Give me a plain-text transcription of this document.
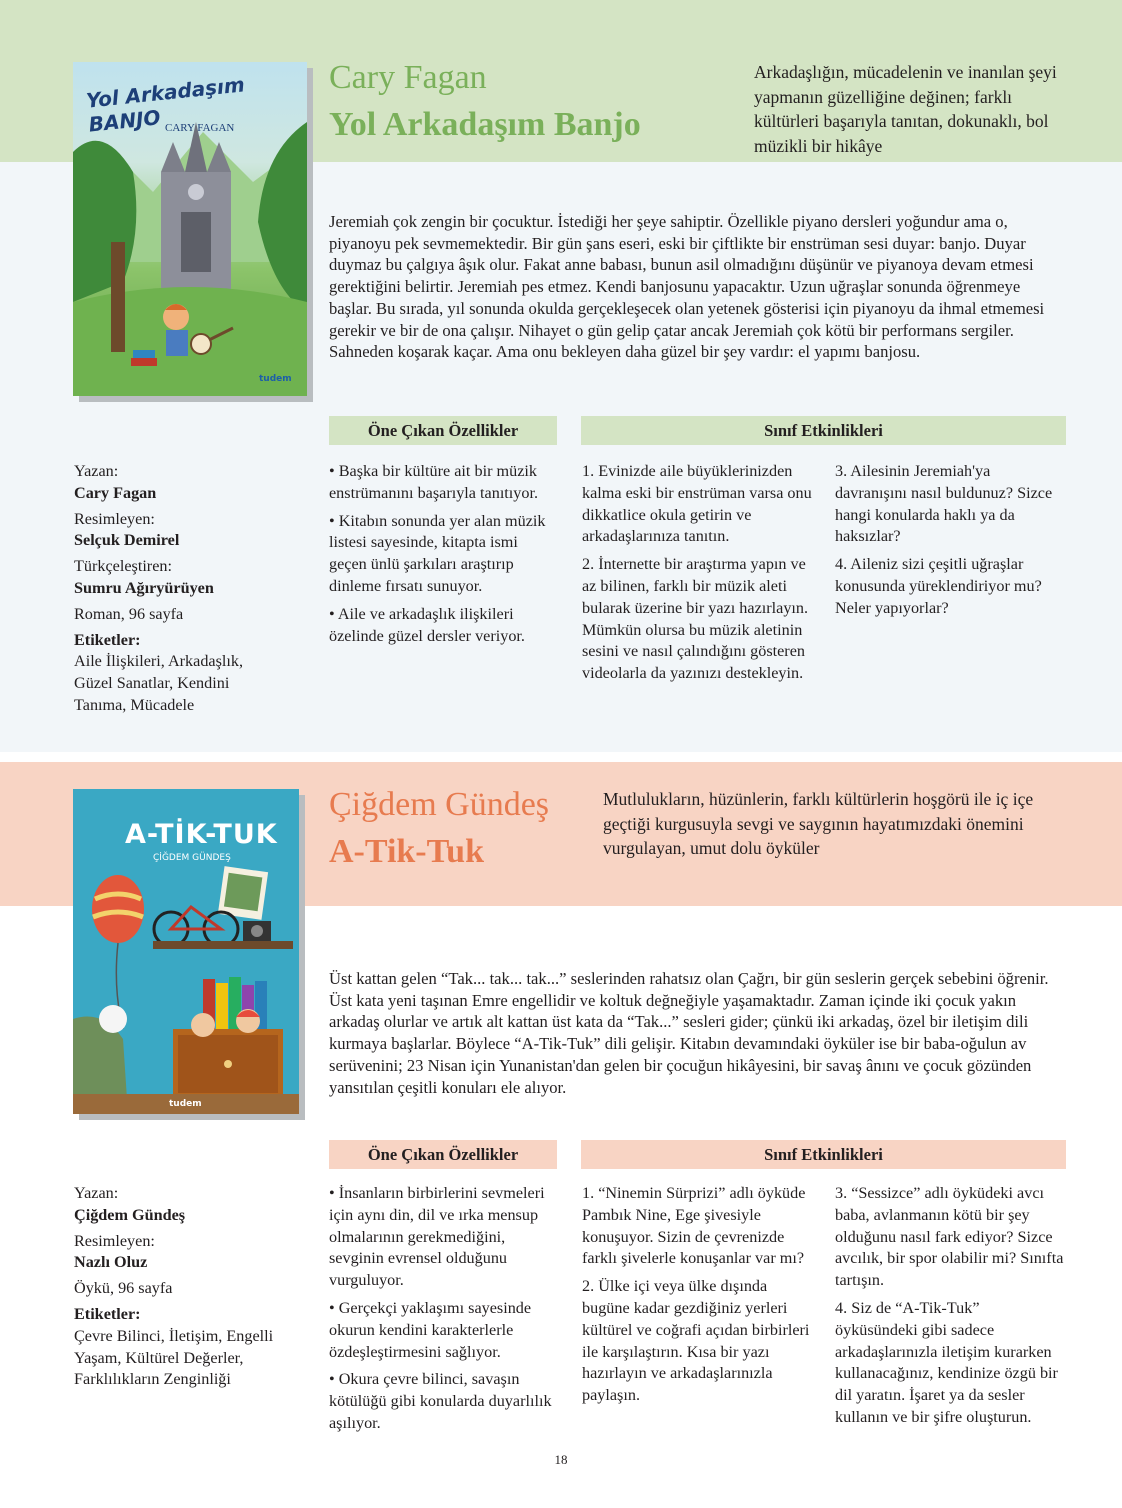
Yol Arkadaşım BANJO CARY FAGAN
tudem
Cary Fagan
Yol Arkadaşım Banjo
Arkadaşlığın, mücadelenin ve inanılan şeyi yapmanın güzelliğine değinen; farklı kültürleri başarıyla tanıtan, dokunaklı, bol müzikli bir hikâye
Jeremiah çok zengin bir çocuktur. İstediği her şeye sahiptir. Özellikle piyano dersleri yoğundur ama o, piyanoyu pek sevmemektedir. Bir gün şans eseri, eski bir çiftlikte bir enstrüman sesi duyar: banjo. Duyar duymaz bu çalgıya âşık olur. Fakat anne babası, bunun asil olmadığını düşünür ve piyanoya devam etmesi gerektiğini belirtir. Jeremiah pes etmez. Kendi banjosunu yapacaktır. Uzun uğraşlar sonunda öğrenmeye başlar. Bu sırada, yıl sonunda okulda gerçekleşecek olan yetenek gösterisi için piyanoyu da ihmal etmemesi gerekir ve bir de ona çalışır. Nihayet o gün gelip çatar ancak Jeremiah çok kötü bir performans sergiler. Sahneden koşarak kaçar. Ama onu bekleyen daha güzel bir şey vardır: el yapımı banjosu.
Öne Çıkan Özellikler	Sınıf Etkinlikleri
Yazan:
Cary Fagan
Resimleyen:
Selçuk Demirel
Türkçeleştiren:
Sumru Ağıryürüyen
Roman, 96 sayfa
Etiketler:
Aile İlişkileri, Arkadaşlık, Güzel Sanatlar, Kendini Tanıma, Mücadele

• Başka bir kültüre ait bir müzik enstrümanını başarıyla tanıtıyor.

• Kitabın sonunda yer alan müzik listesi sayesinde, kitapta ismi geçen ünlü şarkıları araştırıp dinleme fırsatı sunuyor.

• Aile ve arkadaşlık ilişkileri özelinde güzel dersler veriyor.

1. Evinizde aile büyüklerinizden kalma eski bir enstrüman varsa onu dikkatlice okula getirin ve arkadaşlarınıza tanıtın.

2. İnternette bir araştırma yapın ve az bilinen, farklı bir müzik aleti bularak üzerine bir yazı hazırlayın. Mümkün olursa bu müzik aletinin sesini ve nasıl çalındığını gösteren videolarla da yazınızı destekleyin.

3. Ailesinin Jeremiah'ya davranışını nasıl buldunuz? Sizce hangi konularda haklı ya da haksızlar?

4. Aileniz sizi çeşitli uğraşlar konusunda yüreklendiriyor mu? Neler yapıyorlar?

A-TİK-TUK
ÇİĞDEM GÜNDEŞ
tudem
Çiğdem Gündeş
A-Tik-Tuk
Mutlulukların, hüzünlerin, farklı kültürlerin hoşgörü ile iç içe geçtiği kurgusuyla sevgi ve saygının hayatımızdaki önemini vurgulayan, umut dolu öyküler
Üst kattan gelen “Tak... tak... tak...” seslerinden rahatsız olan Çağrı, bir gün seslerin gerçek sebebini öğrenir. Üst kata yeni taşınan Emre engellidir ve koltuk değneğiyle yaşamaktadır. Zaman içinde iki çocuk yakın arkadaş olurlar ve artık alt kattan üst kata da “Tak...” sesleri gider; çünkü iki arkadaş, özel bir iletişim dili kurmaya başlarlar. Böylece “A-Tik-Tuk” dili gelişir. Kitabın devamındaki öyküler ise bir baba-oğulun av serüvenini; 23 Nisan için Yunanistan'dan gelen bir çocuğun hikâyesini, bir savaş ânını ve çocuk gözünden yansıtılan çeşitli konuları ele alıyor.
Öne Çıkan Özellikler	Sınıf Etkinlikleri
Yazan:
Çiğdem Gündeş
Resimleyen:
Nazlı Oluz
Öykü, 96 sayfa
Etiketler:
Çevre Bilinci, İletişim, Engelli Yaşam, Kültürel Değerler, Farklılıkların Zenginliği

• İnsanların birbirlerini sevmeleri için aynı din, dil ve ırka mensup olmalarının gerekmediğini, sevginin evrensel olduğunu vurguluyor.

• Gerçekçi yaklaşımı sayesinde okurun kendini karakterlerle özdeşleştirmesini sağlıyor.

• Okura çevre bilinci, savaşın kötülüğü gibi konularda duyarlılık aşılıyor.

1. “Ninemin Sürprizi” adlı öyküde Pambık Nine, Ege şivesiyle konuşuyor. Sizin de çevrenizde farklı şivelerle konuşanlar var mı?

2. Ülke içi veya ülke dışında bugüne kadar gezdiğiniz yerleri kültürel ve coğrafi açıdan birbirleri ile karşılaştırın. Kısa bir yazı hazırlayın ve arkadaşlarınızla paylaşın.

3. “Sessizce” adlı öyküdeki avcı baba, avlanmanın kötü bir şey olduğunu nasıl fark ediyor? Sizce avcılık, bir spor olabilir mi? Sınıfta tartışın.

4. Siz de “A-Tik-Tuk” öyküsündeki gibi sadece arkadaşlarınızla iletişim kurarken kullanacağınız, kendinize özgü bir dil yaratın. İşaret ya da sesler kullanın ve bir şifre oluşturun.

18
